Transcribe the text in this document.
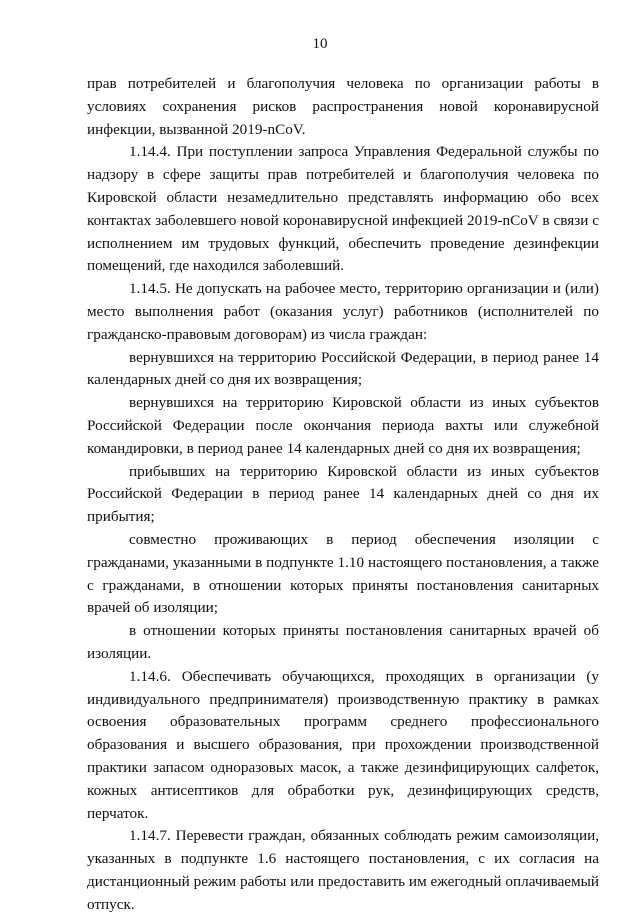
10

прав потребителей и благополучия человека по организации работы в условиях сохранения рисков распространения новой коронавирусной инфекции, вызванной 2019-nCoV.

1.14.4. При поступлении запроса Управления Федеральной службы по надзору в сфере защиты прав потребителей и благополучия человека по Кировской области незамедлительно представлять информацию обо всех контактах заболевшего новой коронавирусной инфекцией 2019-nCoV в связи с исполнением им трудовых функций, обеспечить проведение дезинфекции помещений, где находился заболевший.

1.14.5. Не допускать на рабочее место, территорию организации и (или) место выполнения работ (оказания услуг) работников (исполнителей по гражданско-правовым договорам) из числа граждан:

вернувшихся на территорию Российской Федерации, в период ранее 14 календарных дней со дня их возвращения;

вернувшихся на территорию Кировской области из иных субъектов Российской Федерации после окончания периода вахты или служебной командировки, в период ранее 14 календарных дней со дня их возвращения;

прибывших на территорию Кировской области из иных субъектов Российской Федерации в период ранее 14 календарных дней со дня их прибытия;

совместно проживающих в период обеспечения изоляции с гражданами, указанными в подпункте 1.10 настоящего постановления, а также с гражданами, в отношении которых приняты постановления санитарных врачей об изоляции;

в отношении которых приняты постановления санитарных врачей об изоляции.

1.14.6. Обеспечивать обучающихся, проходящих в организации (у индивидуального предпринимателя) производственную практику в рамках освоения образовательных программ среднего профессионального образования и высшего образования, при прохождении производственной практики запасом одноразовых масок, а также дезинфицирующих салфеток, кожных антисептиков для обработки рук, дезинфицирующих средств, перчаток.

1.14.7. Перевести граждан, обязанных соблюдать режим самоизоляции, указанных в подпункте 1.6 настоящего постановления, с их согласия на дистанционный режим работы или предоставить им ежегодный оплачиваемый отпуск.
